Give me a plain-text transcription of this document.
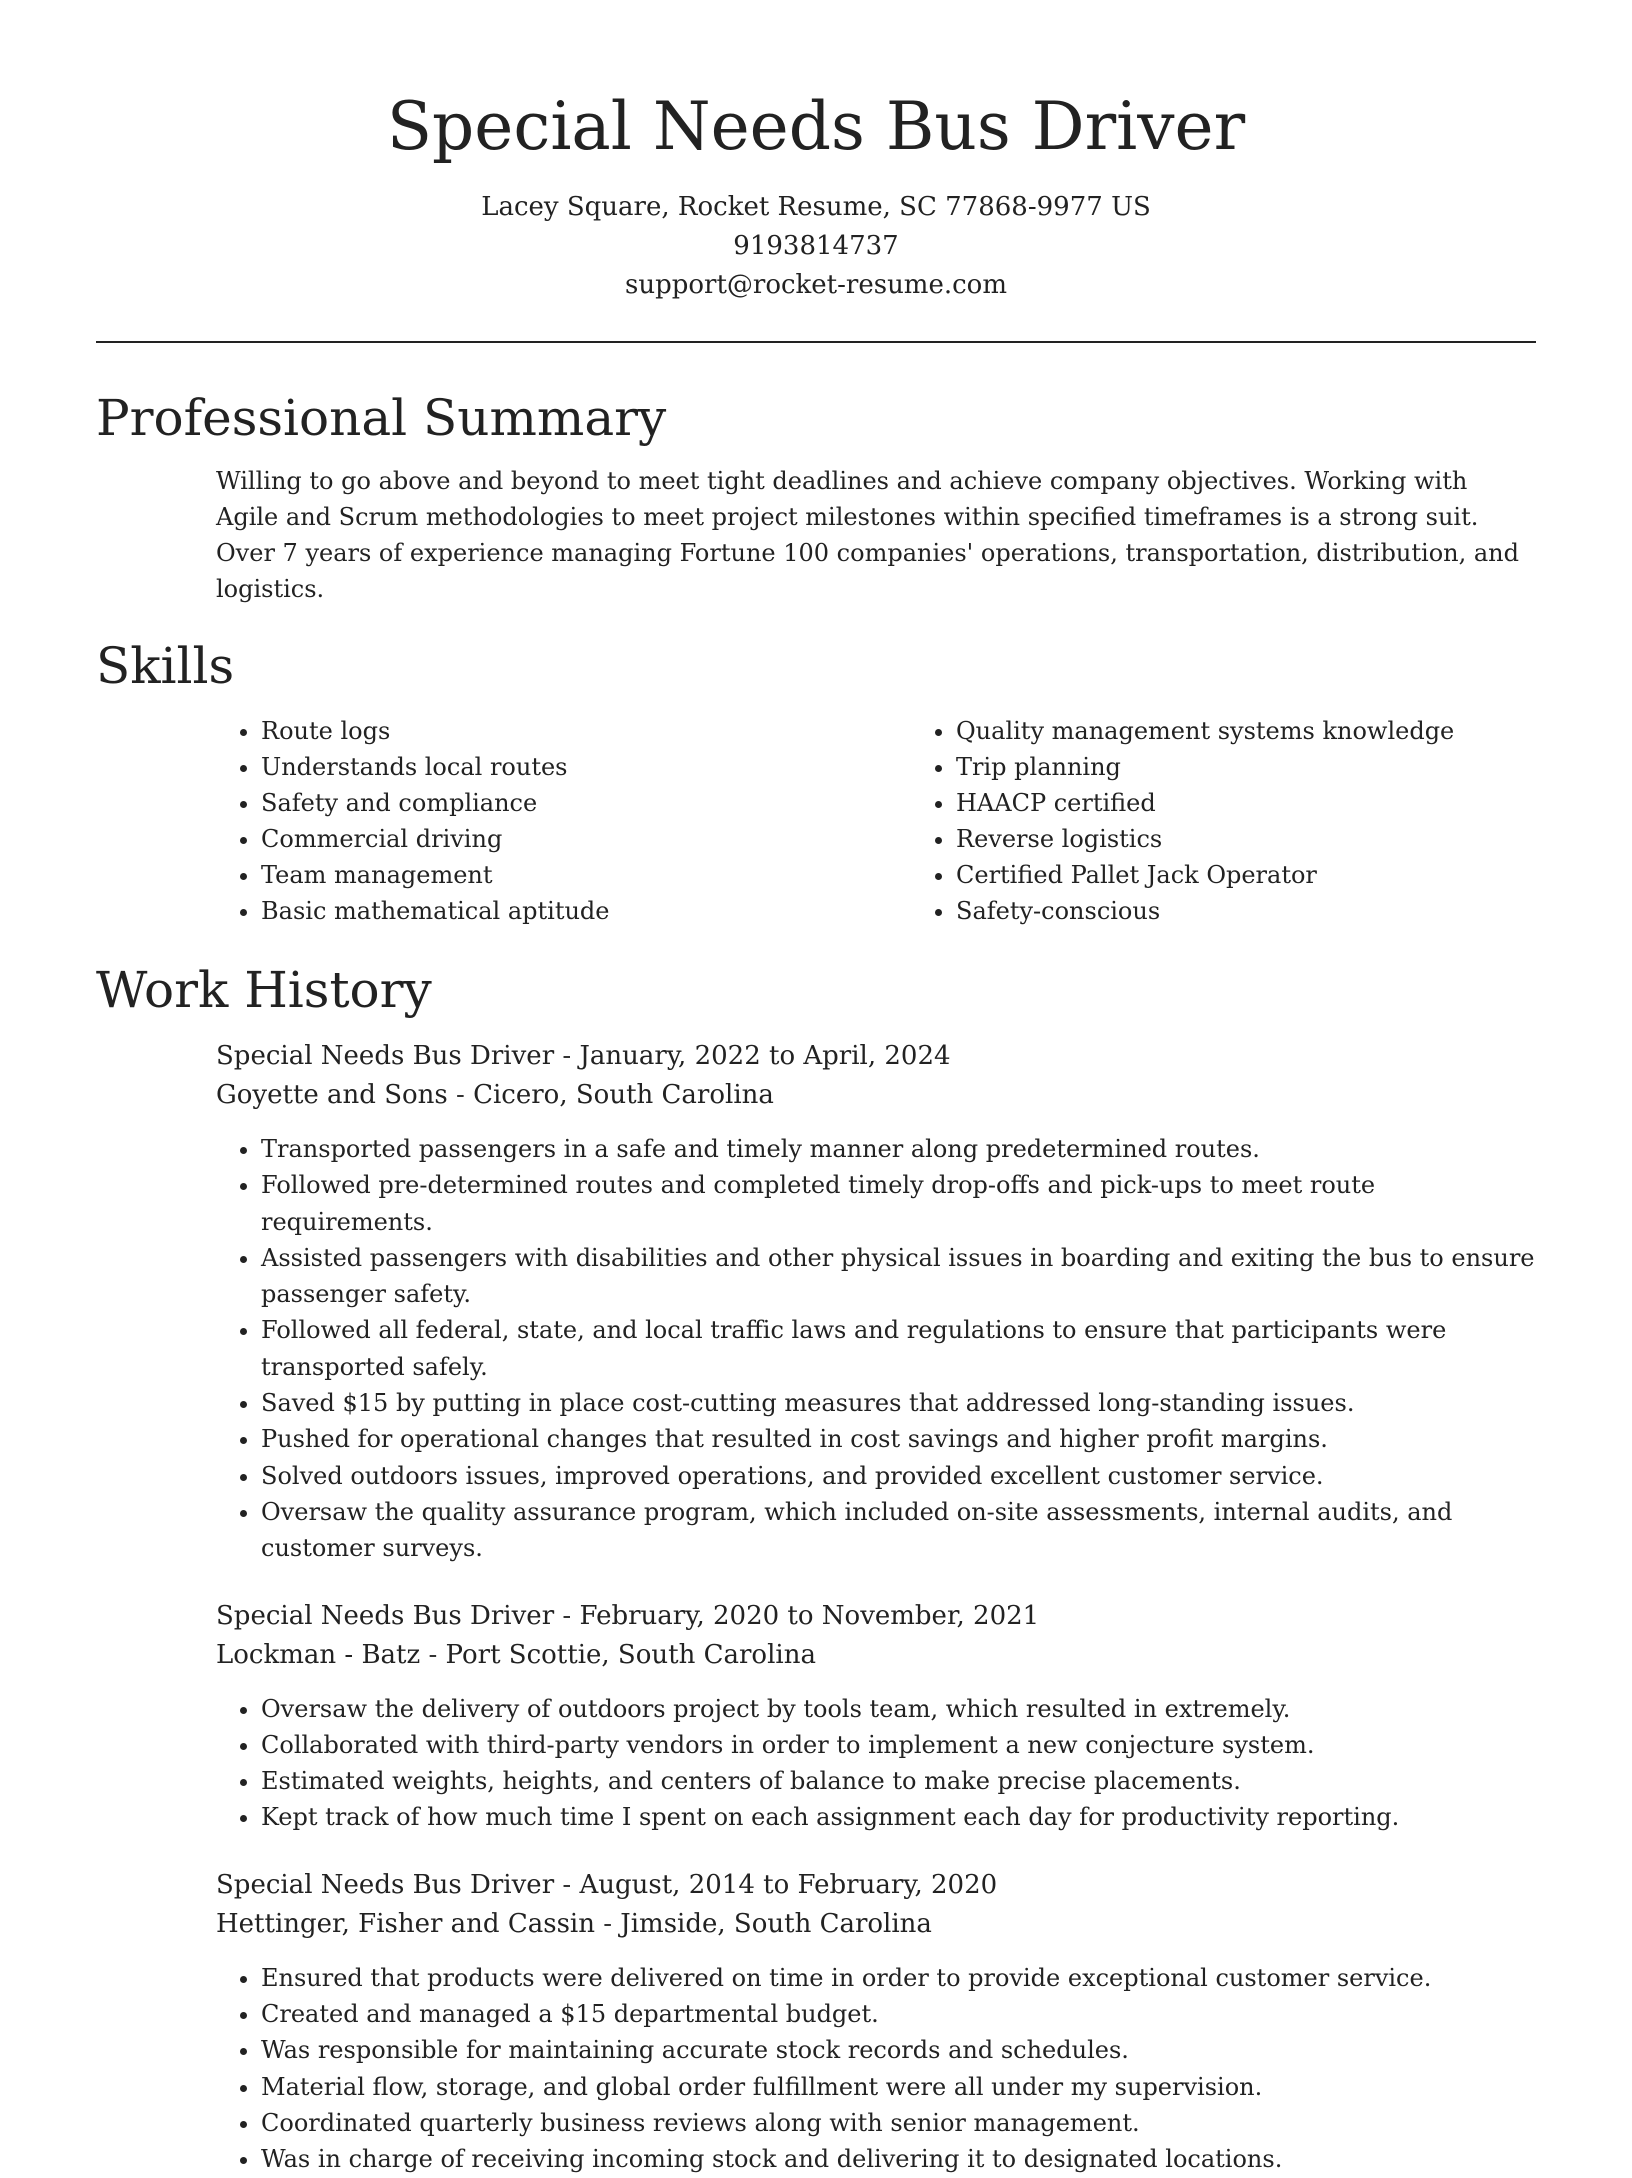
Special Needs Bus Driver
Lacey Square, Rocket Resume, SC 77868-9977 US
9193814737
support@rocket-resume.com
Professional Summary

Willing to go above and beyond to meet tight deadlines and achieve company objectives. Working with Agile and Scrum methodologies to meet project milestones within specified timeframes is a strong suit. Over 7 years of experience managing Fortune 100 companies' operations, transportation, distribution, and logistics.

Skills
• Route logs
• Understands local routes
• Safety and compliance
• Commercial driving
• Team management
• Basic mathematical aptitude
• Quality management systems knowledge
• Trip planning
• HAACP certified
• Reverse logistics
• Certified Pallet Jack Operator
• Safety-conscious
Work History
Special Needs Bus Driver - January, 2022 to April, 2024
Goyette and Sons - Cicero, South Carolina
• Transported passengers in a safe and timely manner along predetermined routes.
• Followed pre-determined routes and completed timely drop-offs and pick-ups to meet route requirements.
• Assisted passengers with disabilities and other physical issues in boarding and exiting the bus to ensure passenger safety.
• Followed all federal, state, and local traffic laws and regulations to ensure that participants were transported safely.
• Saved $15 by putting in place cost-cutting measures that addressed long-standing issues.
• Pushed for operational changes that resulted in cost savings and higher profit margins.
• Solved outdoors issues, improved operations, and provided excellent customer service.
• Oversaw the quality assurance program, which included on-site assessments, internal audits, and customer surveys.
Special Needs Bus Driver - February, 2020 to November, 2021
Lockman - Batz - Port Scottie, South Carolina
• Oversaw the delivery of outdoors project by tools team, which resulted in extremely.
• Collaborated with third-party vendors in order to implement a new conjecture system.
• Estimated weights, heights, and centers of balance to make precise placements.
• Kept track of how much time I spent on each assignment each day for productivity reporting.
Special Needs Bus Driver - August, 2014 to February, 2020
Hettinger, Fisher and Cassin - Jimside, South Carolina
• Ensured that products were delivered on time in order to provide exceptional customer service.
• Created and managed a $15 departmental budget.
• Was responsible for maintaining accurate stock records and schedules.
• Material flow, storage, and global order fulfillment were all under my supervision.
• Coordinated quarterly business reviews along with senior management.
• Was in charge of receiving incoming stock and delivering it to designated locations.
